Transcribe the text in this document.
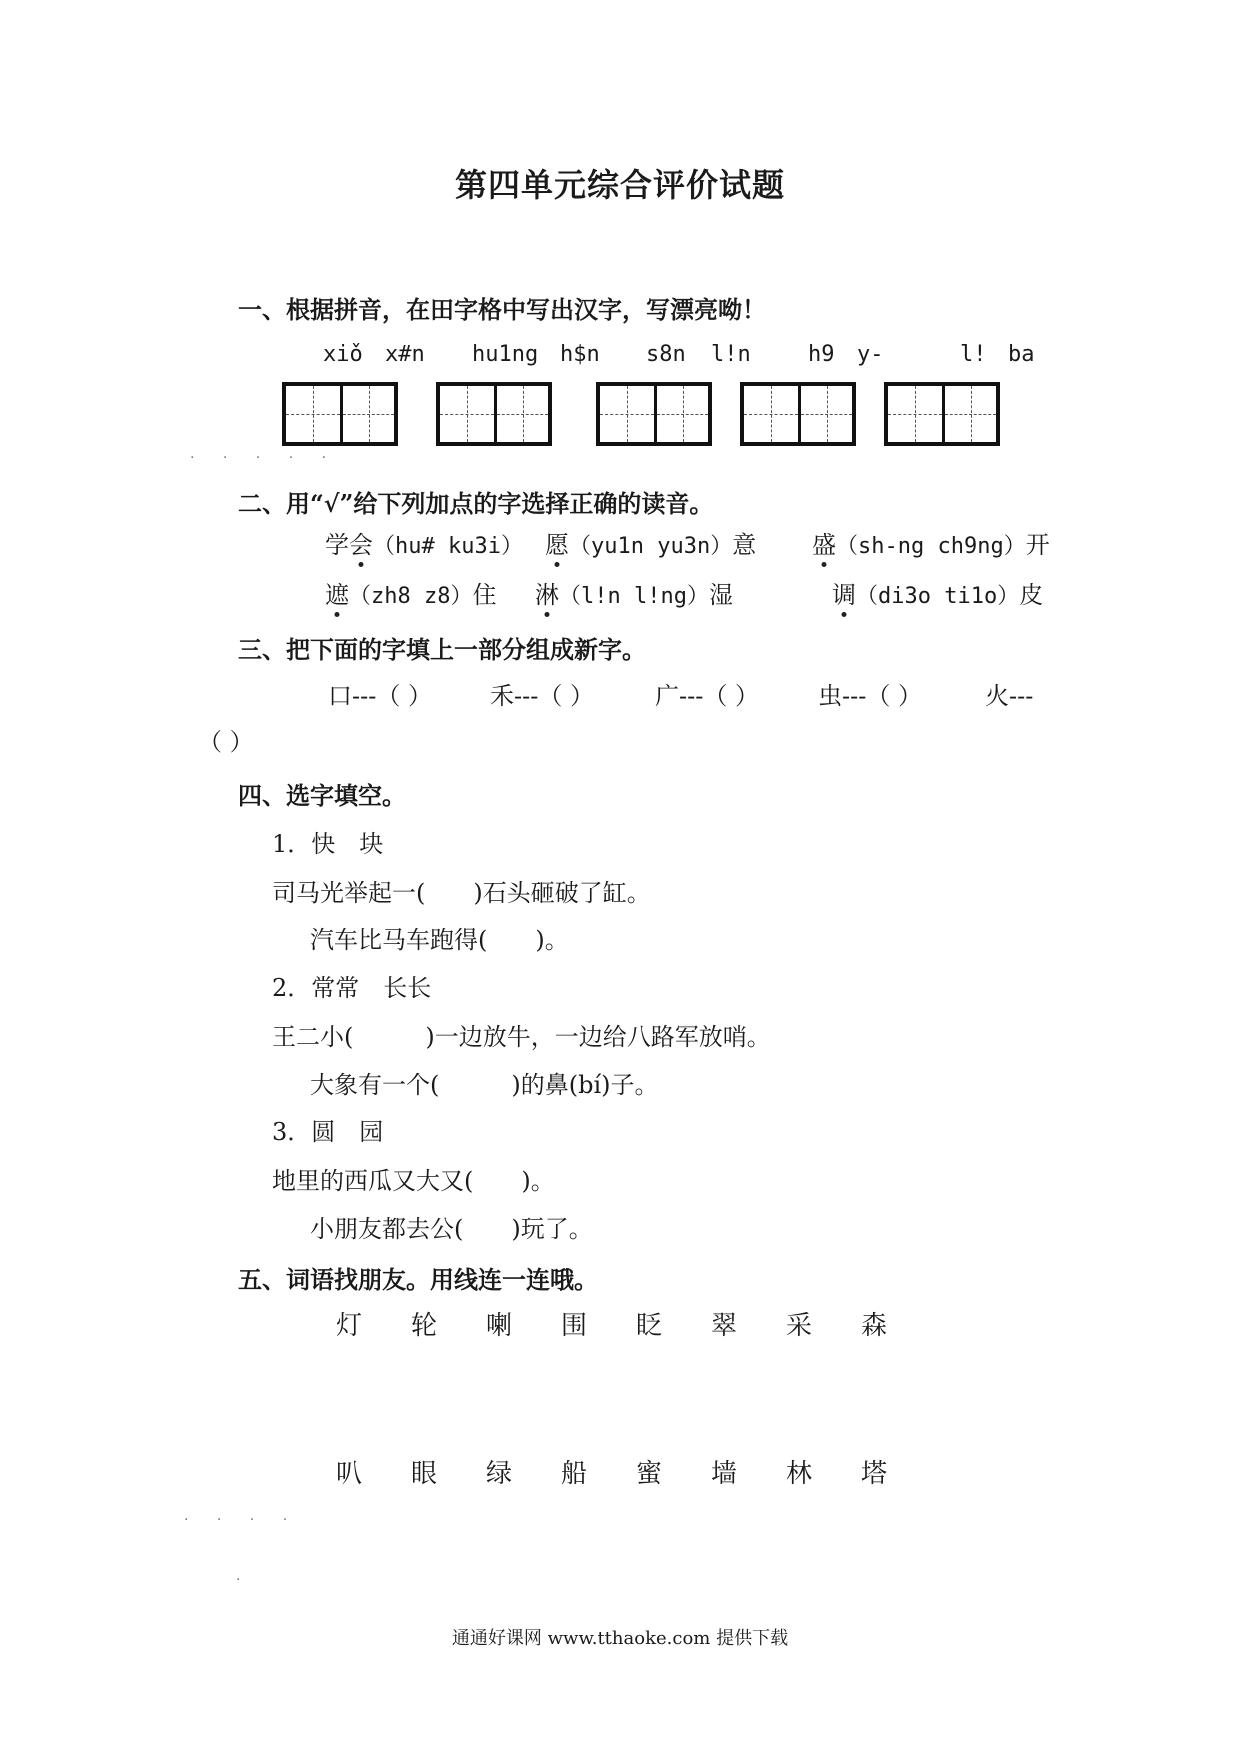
第四单元综合评价试题
一、根据拼音，在田字格中写出汉字，写漂亮呦！
xiǒ x#n hu1ng h$n s8n l!n	h9 y-	l! ba
. . . . .
二、用“√”给下列加点的字选择正确的读音。
学会（hu# ku3i） 愿（yu1n yu3n）意 盛（sh-ng ch9ng）开
遮（zh8 z8）住 淋（l!n l!ng）湿	调（di3o ti1o）皮
三、把下面的字填上一部分组成新字。
口---（ ） 禾---（ ）	广---（ ） 虫---（ ）	火---
（ ）
四、选字填空。
1．快　块
司马光举起一(　　)石头砸破了缸。
汽车比马车跑得(　　)。
2．常常　长长
王二小(　　　)一边放牛，一边给八路军放哨。
大象有一个(　　　)的鼻(bí)子。
3．圆　园
地里的西瓜又大又(　　)。
小朋友都去公(　　)玩了。
五、词语找朋友。用线连一连哦。
灯 轮 喇 围 眨 翠 采 森
叭 眼 绿 船 蜜 墙 林 塔
. . . .
.
通通好课网 www.tthaoke.com 提供下载
